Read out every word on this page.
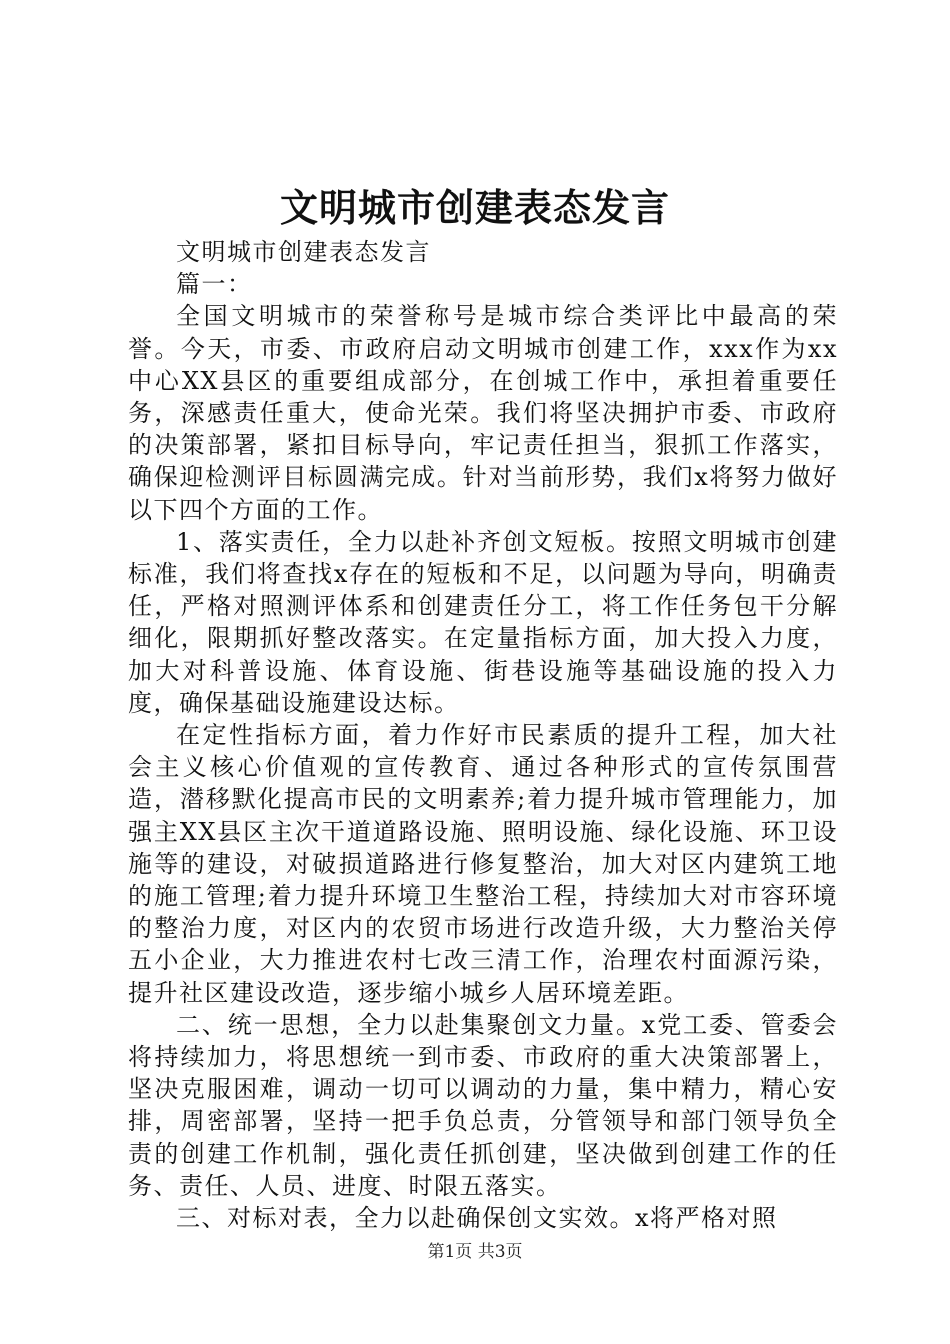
文明城市创建表态发言

文明城市创建表态发言

篇一：

全国文明城市的荣誉称号是城市综合类评比中最高的荣誉。今天，市委、市政府启动文明城市创建工作，xxx作为xx中心XX县区的重要组成部分，在创城工作中，承担着重要任务，深感责任重大，使命光荣。我们将坚决拥护市委、市政府的决策部署，紧扣目标导向，牢记责任担当，狠抓工作落实，确保迎检测评目标圆满完成。针对当前形势，我们x将努力做好以下四个方面的工作。

1、落实责任，全力以赴补齐创文短板。按照文明城市创建标准，我们将查找x存在的短板和不足，以问题为导向，明确责任，严格对照测评体系和创建责任分工，将工作任务包干分解细化，限期抓好整改落实。在定量指标方面，加大投入力度，加大对科普设施、体育设施、街巷设施等基础设施的投入力度，确保基础设施建设达标。

在定性指标方面，着力作好市民素质的提升工程，加大社会主义核心价值观的宣传教育、通过各种形式的宣传氛围营造，潜移默化提高市民的文明素养;着力提升城市管理能力，加强主XX县区主次干道道路设施、照明设施、绿化设施、环卫设施等的建设，对破损道路进行修复整治，加大对区内建筑工地的施工管理;着力提升环境卫生整治工程，持续加大对市容环境的整治力度，对区内的农贸市场进行改造升级，大力整治关停五小企业，大力推进农村七改三清工作，治理农村面源污染，提升社区建设改造，逐步缩小城乡人居环境差距。

二、统一思想，全力以赴集聚创文力量。x党工委、管委会将持续加力，将思想统一到市委、市政府的重大决策部署上，坚决克服困难，调动一切可以调动的力量，集中精力，精心安排，周密部署，坚持一把手负总责，分管领导和部门领导负全责的创建工作机制，强化责任抓创建，坚决做到创建工作的任务、责任、人员、进度、时限五落实。

三、对标对表，全力以赴确保创文实效。x将严格对照

第1页 共3页
